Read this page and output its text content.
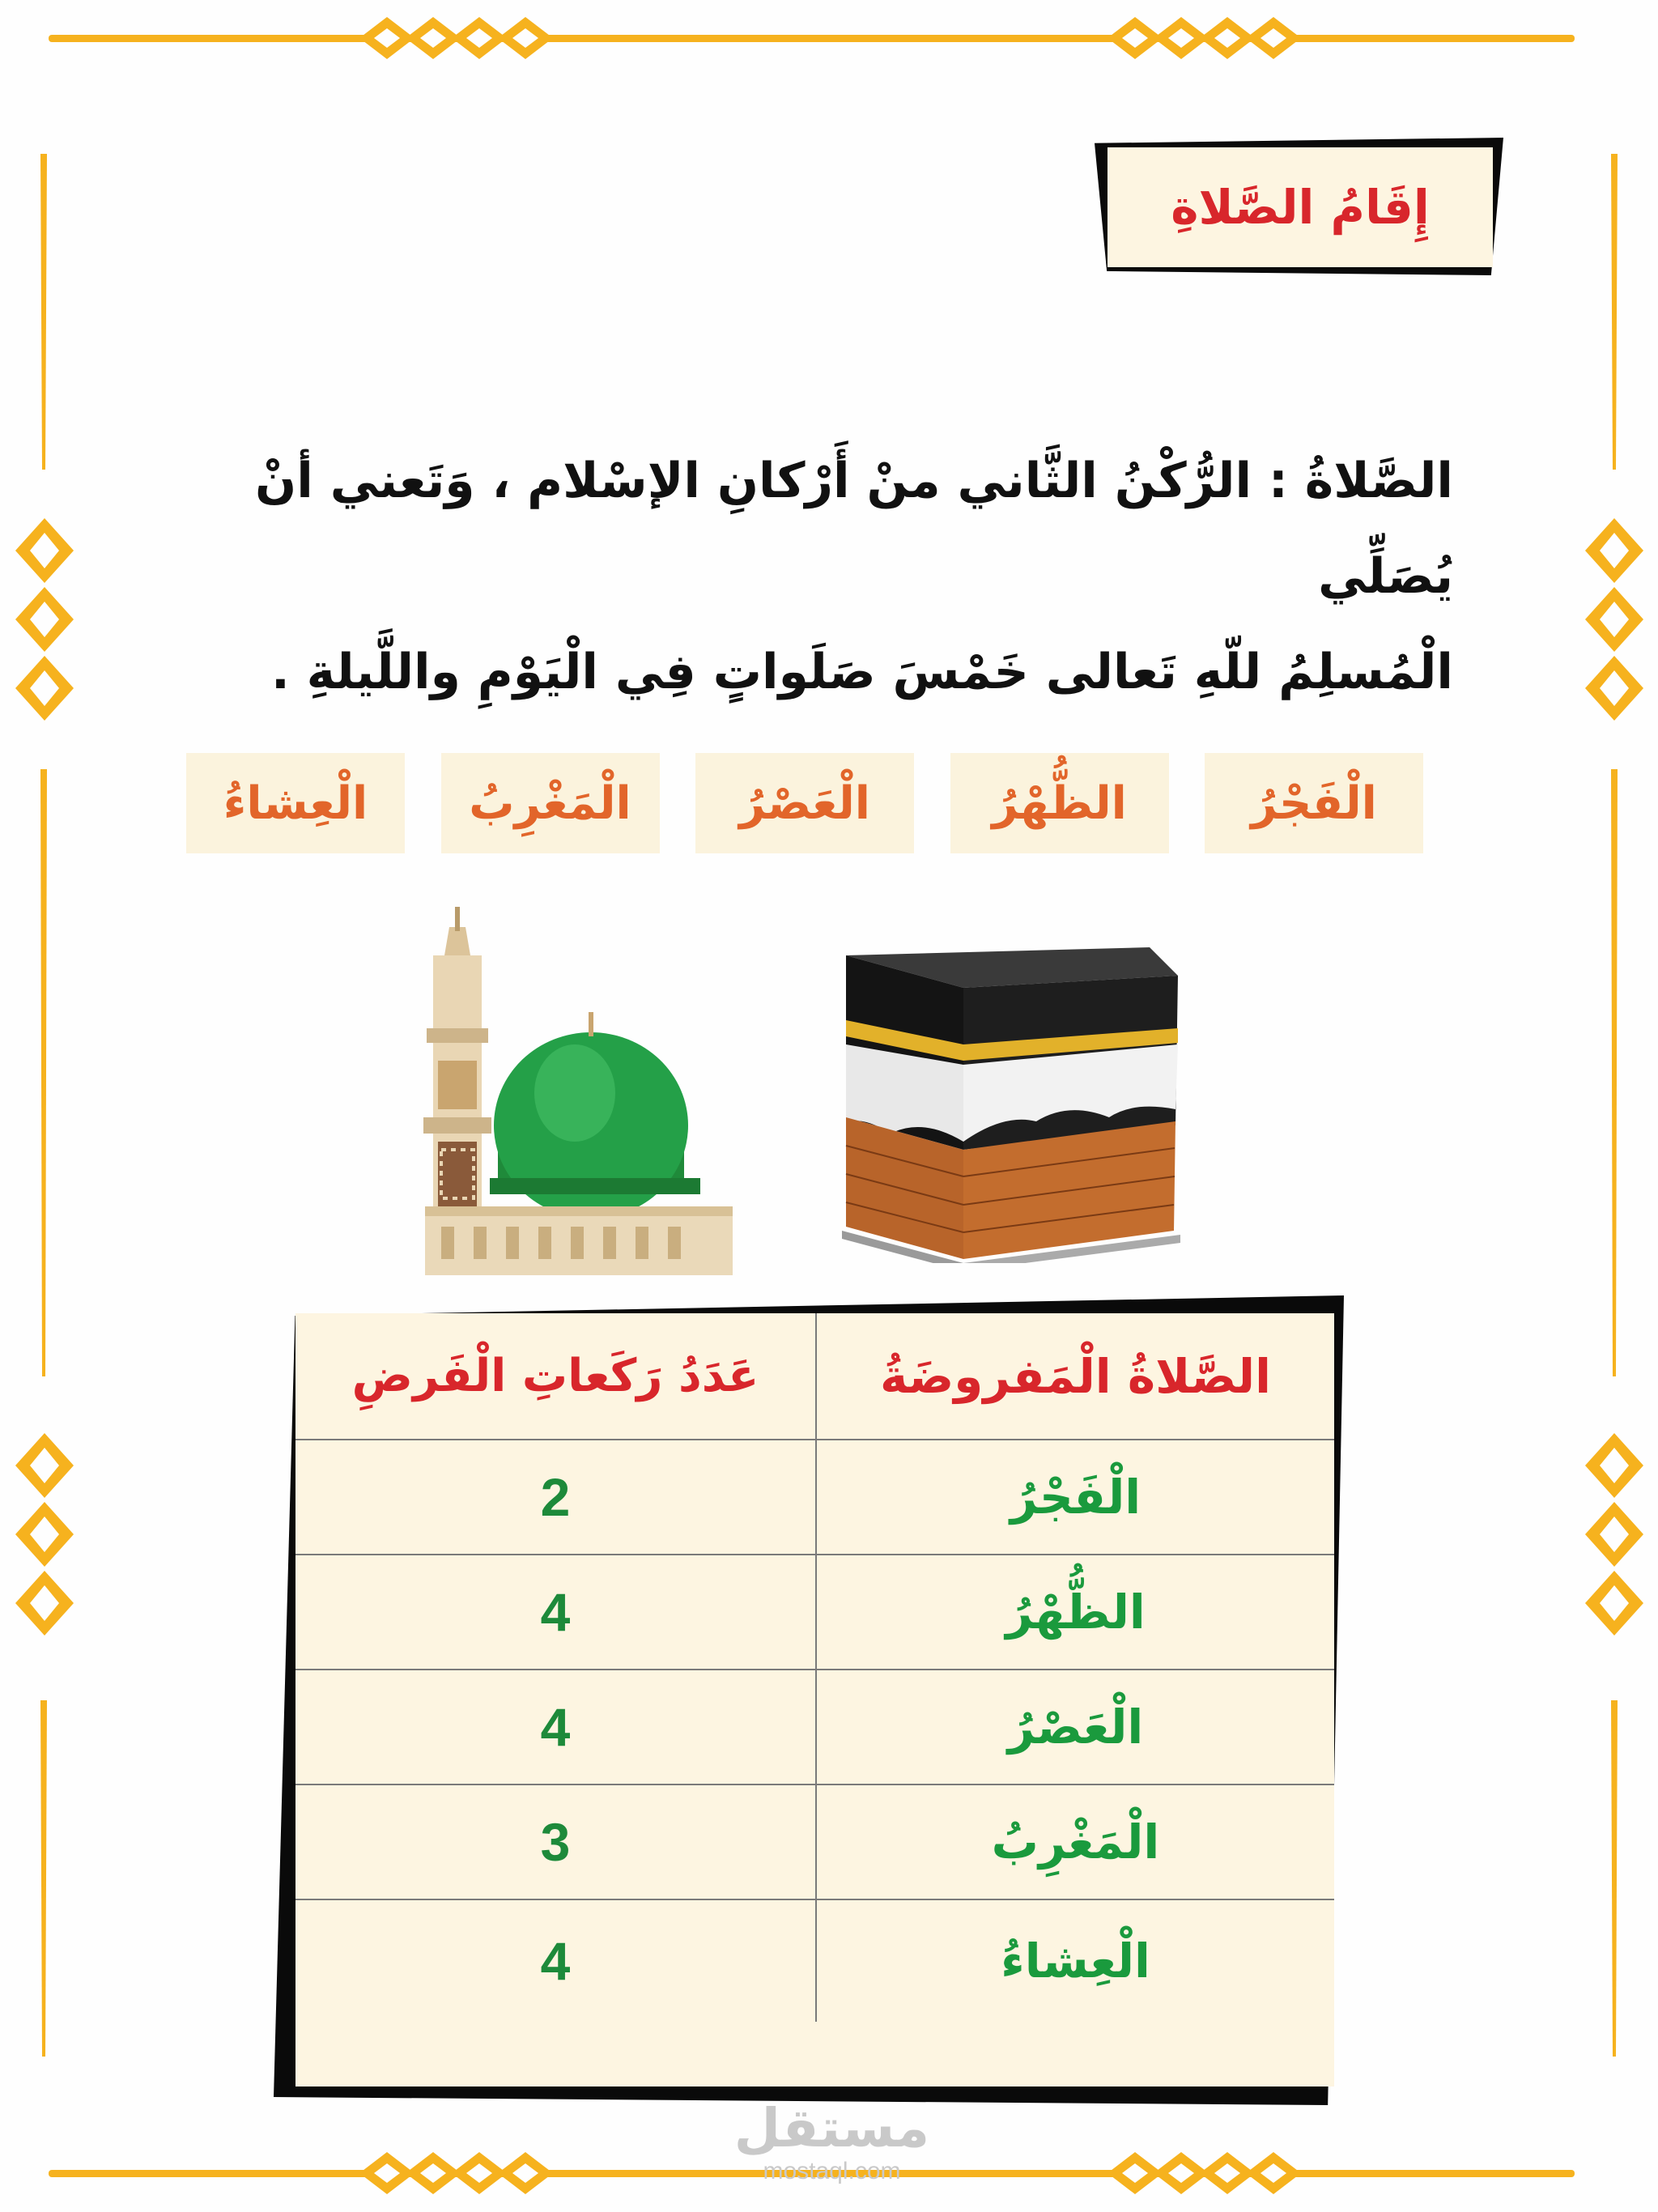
إِقَامُ الصَّلاةِ
الصَّلاةُ : الرُّكْنُ الثَّاني منْ أَرْكانِ الإسْلام ، وَتَعني أنْ يُصَلِّي
الْمُسلِمُ للّهِ تَعالى خَمْسَ صَلَواتٍ فِي الْيَوْمِ واللَّيلةِ .
الْفَجْرُ
الظُّهْرُ
الْعَصْرُ
الْمَغْرِبُ
الْعِشاءُ
الصَّلاةُ الْمَفروضَةُ
عَدَدُ رَكَعاتِ الْفَرضِ
الْفَجْرُ
2
الظُّهْرُ
4
الْعَصْرُ
4
الْمَغْرِبُ
3
الْعِشاءُ
4
مستقل
mostaql.com
